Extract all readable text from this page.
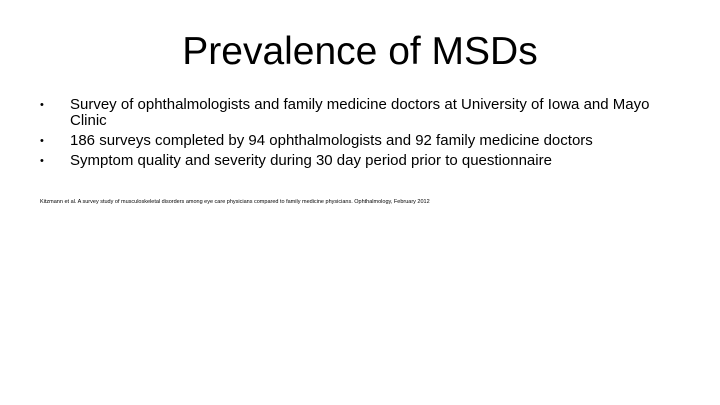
Prevalence of MSDs
•	Survey of ophthalmologists and family medicine doctors at University of Iowa and Mayo Clinic
•	186 surveys completed by 94 ophthalmologists and 92 family medicine doctors
•	Symptom quality and severity during 30 day period prior to questionnaire
Kitzmann et al. A survey study of musculoskeletal disorders among eye care physicians compared to family medicine physicians. Ophthalmology, February 2012
